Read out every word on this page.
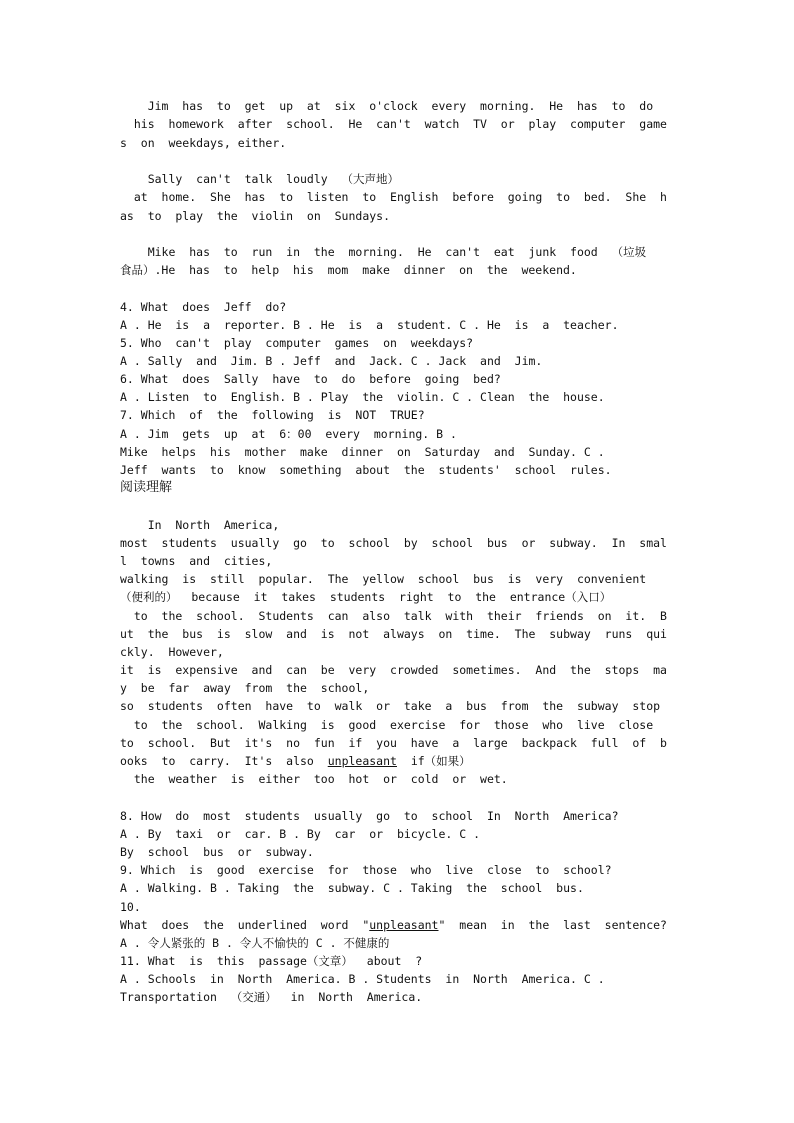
Jim  has  to  get  up  at  six  o'clock  every  morning.  He  has  to  do
his  homework  after  school.  He  can't  watch  TV  or  play  computer  game
s  on  weekdays, either.
Sally  can't  talk  loudly  （大声地）
at  home.  She  has  to  listen  to  English  before  going  to  bed.  She  h
as  to  play  the  violin  on  Sundays.
Mike  has  to  run  in  the  morning.  He  can't  eat  junk  food  （垃圾
食品）.He  has  to  help  his  mom  make  dinner  on  the  weekend.
4. What  does  Jeff  do?
A . He  is  a  reporter. B . He  is  a  student. C . He  is  a  teacher.
5. Who  can't  play  computer  games  on  weekdays?
A . Sally  and  Jim. B . Jeff  and  Jack. C . Jack  and  Jim.
6. What  does  Sally  have  to  do  before  going  bed?
A . Listen  to  English. B . Play  the  violin. C . Clean  the  house.
7. Which  of  the  following  is  NOT  TRUE?
A . Jim  gets  up  at  6：00  every  morning. B .
Mike  helps  his  mother  make  dinner  on  Saturday  and  Sunday. C .
Jeff  wants  to  know  something  about  the  students'  school  rules.
阅读理解
In  North  America,
most  students  usually  go  to  school  by  school  bus  or  subway.  In  smal
l  towns  and  cities,
walking  is  still  popular.  The  yellow  school  bus  is  very  convenient
（便利的）  because  it  takes  students  right  to  the  entrance（入口）
to  the  school.  Students  can  also  talk  with  their  friends  on  it.  B
ut  the  bus  is  slow  and  is  not  always  on  time.  The  subway  runs  qui
ckly.  However,
it  is  expensive  and  can  be  very  crowded  sometimes.  And  the  stops  ma
y  be  far  away  from  the  school,
so  students  often  have  to  walk  or  take  a  bus  from  the  subway  stop
to  the  school.  Walking  is  good  exercise  for  those  who  live  close
to  school.  But  it's  no  fun  if  you  have  a  large  backpack  full  of  b
ooks  to  carry.  It's  also  unpleasant  if（如果）
the  weather  is  either  too  hot  or  cold  or  wet.
8. How  do  most  students  usually  go  to  school  In  North  America?
A . By  taxi  or  car. B . By  car  or  bicycle. C .
By  school  bus  or  subway.
9. Which  is  good  exercise  for  those  who  live  close  to  school?
A . Walking. B . Taking  the  subway. C . Taking  the  school  bus.
10.
What  does  the  underlined  word  "unpleasant"  mean  in  the  last  sentence?
A . 令人紧张的 B . 令人不愉快的 C . 不健康的
11. What  is  this  passage（文章）  about  ?
A . Schools  in  North  America. B . Students  in  North  America. C .
Transportation  （交通）  in  North  America.
